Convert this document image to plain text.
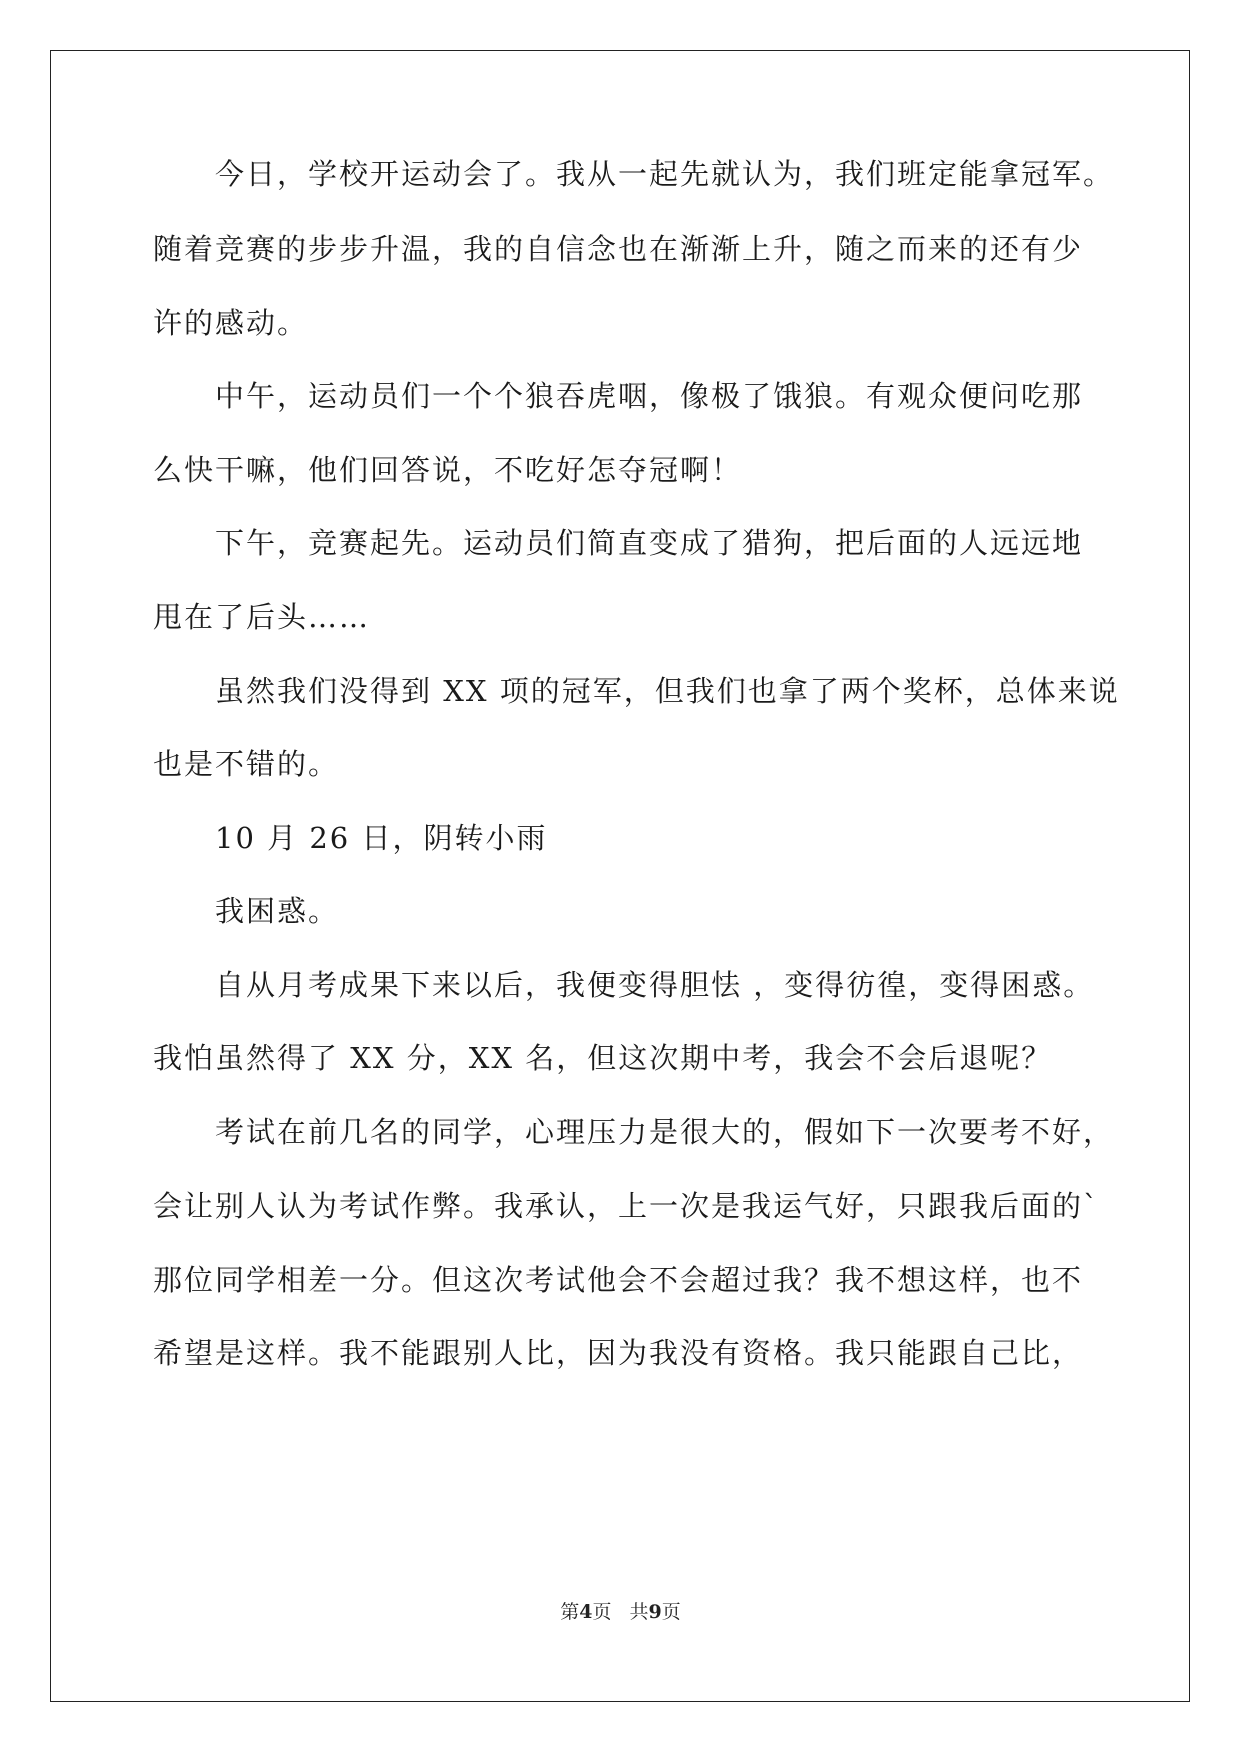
今日，学校开运动会了。我从一起先就认为，我们班定能拿冠军。
随着竞赛的步步升温，我的自信念也在渐渐上升，随之而来的还有少
许的感动。
中午，运动员们一个个狼吞虎咽，像极了饿狼。有观众便问吃那
么快干嘛，他们回答说，不吃好怎夺冠啊！
下午，竞赛起先。运动员们简直变成了猎狗，把后面的人远远地
甩在了后头……
虽然我们没得到 XX 项的冠军，但我们也拿了两个奖杯，总体来说
也是不错的。
10 月 26 日，阴转小雨
我困惑。
自从月考成果下来以后，我便变得胆怯 ，变得彷徨，变得困惑。
我怕虽然得了 XX 分，XX 名，但这次期中考，我会不会后退呢？
考试在前几名的同学，心理压力是很大的，假如下一次要考不好，
会让别人认为考试作弊。我承认，上一次是我运气好，只跟我后面的`
那位同学相差一分。但这次考试他会不会超过我？我不想这样，也不
希望是这样。我不能跟别人比，因为我没有资格。我只能跟自己比，
第4页 共9页
